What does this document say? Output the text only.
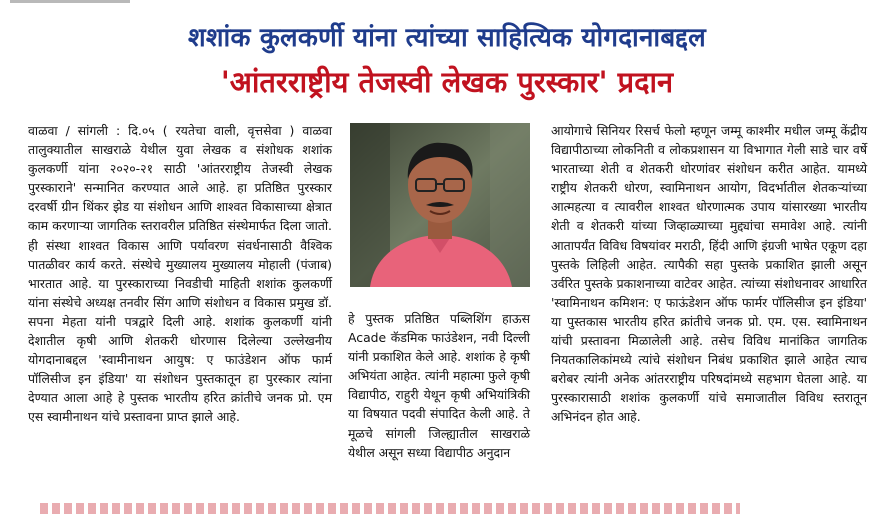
शशांक कुलकर्णी यांना त्यांच्या साहित्यिक योगदानाबद्दल
'आंतरराष्ट्रीय तेजस्वी लेखक पुरस्कार' प्रदान

वाळवा / सांगली : दि.०५ ( रयतेचा वाली, वृत्तसेवा ) वाळवा तालुक्यातील साखराळे येथील युवा लेखक व संशोधक शशांक कुलकर्णी यांना २०२०-२१ साठी 'आंतरराष्ट्रीय तेजस्वी लेखक पुरस्काराने' सन्मानित करण्यात आले आहे. हा प्रतिष्ठित पुरस्कार दरवर्षी ग्रीन थिंकर झेड या संशोधन आणि शाश्वत विकासाच्या क्षेत्रात काम करणाऱ्या जागतिक स्तरावरील प्रतिष्ठित संस्थेमार्फत दिला जातो. ही संस्था शाश्वत विकास आणि पर्यावरण संवर्धनासाठी वैश्विक पातळीवर कार्य करते. संस्थेचे मुख्यालय मुख्यालय मोहाली (पंजाब) भारतात आहे. या पुरस्काराच्या निवडीची माहिती शशांक कुलकर्णी यांना संस्थेचे अध्यक्ष तनवीर सिंग आणि संशोधन व विकास प्रमुख डॉ. सपना मेहता यांनी पत्रद्वारे दिली आहे. शशांक कुलकर्णी यांनी देशातील कृषी आणि शेतकरी धोरणास दिलेल्या उल्लेखनीय योगदानाबद्दल 'स्वामीनाथन आयुष: ए फाउंडेशन ऑफ फार्म पॉलिसीज इन इंडिया' या संशोधन पुस्तकातून हा पुरस्कार त्यांना देण्यात आला आहे हे पुस्तक भारतीय हरित क्रांतीचे जनक प्रो. एम एस स्वामीनाथन यांचे प्रस्तावना प्राप्त झाले आहे.

हे पुस्तक प्रतिष्ठित पब्लिशिंग हाऊस Acade कॅडमिक फाउंडेशन, नवी दिल्ली यांनी प्रकाशित केले आहे. शशांक हे कृषी अभियंता आहेत. त्यांनी महात्मा फुले कृषी विद्यापीठ, राहुरी येथून कृषी अभियांत्रिकी या विषयात पदवी संपादित केली आहे. ते मूळचे सांगली जिल्ह्यातील साखराळे येथील असून सध्या विद्यापीठ अनुदान

आयोगाचे सिनियर रिसर्च फेलो म्हणून जम्मू काश्मीर मधील जम्मू केंद्रीय विद्यापीठाच्या लोकनिती व लोकप्रशासन या विभागात गेली साडे चार वर्षे भारताच्या शेती व शेतकरी धोरणांवर संशोधन करीत आहेत. यामध्ये राष्ट्रीय शेतकरी धोरण, स्वामिनाथन आयोग, विदर्भातील शेतकऱ्यांच्या आत्महत्या व त्यावरील शाश्वत धोरणात्मक उपाय यांसारख्या भारतीय शेती व शेतकरी यांच्या जिव्हाळ्याच्या मुद्द्यांचा समावेश आहे. त्यांनी आतापर्यंत विविध विषयांवर मराठी, हिंदी आणि इंग्रजी भाषेत एकूण दहा पुस्तके लिहिली आहेत. त्यापैकी सहा पुस्तके प्रकाशित झाली असून उर्वरित पुस्तके प्रकाशनाच्या वाटेवर आहेत. त्यांच्या संशोधनावर आधारित 'स्वामिनाथन कमिशन: ए फाऊंडेशन ऑफ फार्मर पॉलिसीज इन इंडिया' या पुस्तकास भारतीय हरित क्रांतीचे जनक प्रो. एम. एस. स्वामिनाथन यांची प्रस्तावना मिळालेली आहे. तसेच विविध मानांकित जागतिक नियतकालिकांमध्ये त्यांचे संशोधन निबंध प्रकाशित झाले आहेत त्याच बरोबर त्यांनी अनेक आंतरराष्ट्रीय परिषदांमध्ये सहभाग घेतला आहे. या पुरस्कारासाठी शशांक कुलकर्णी यांचे समाजातील विविध स्तरातून अभिनंदन होत आहे.
